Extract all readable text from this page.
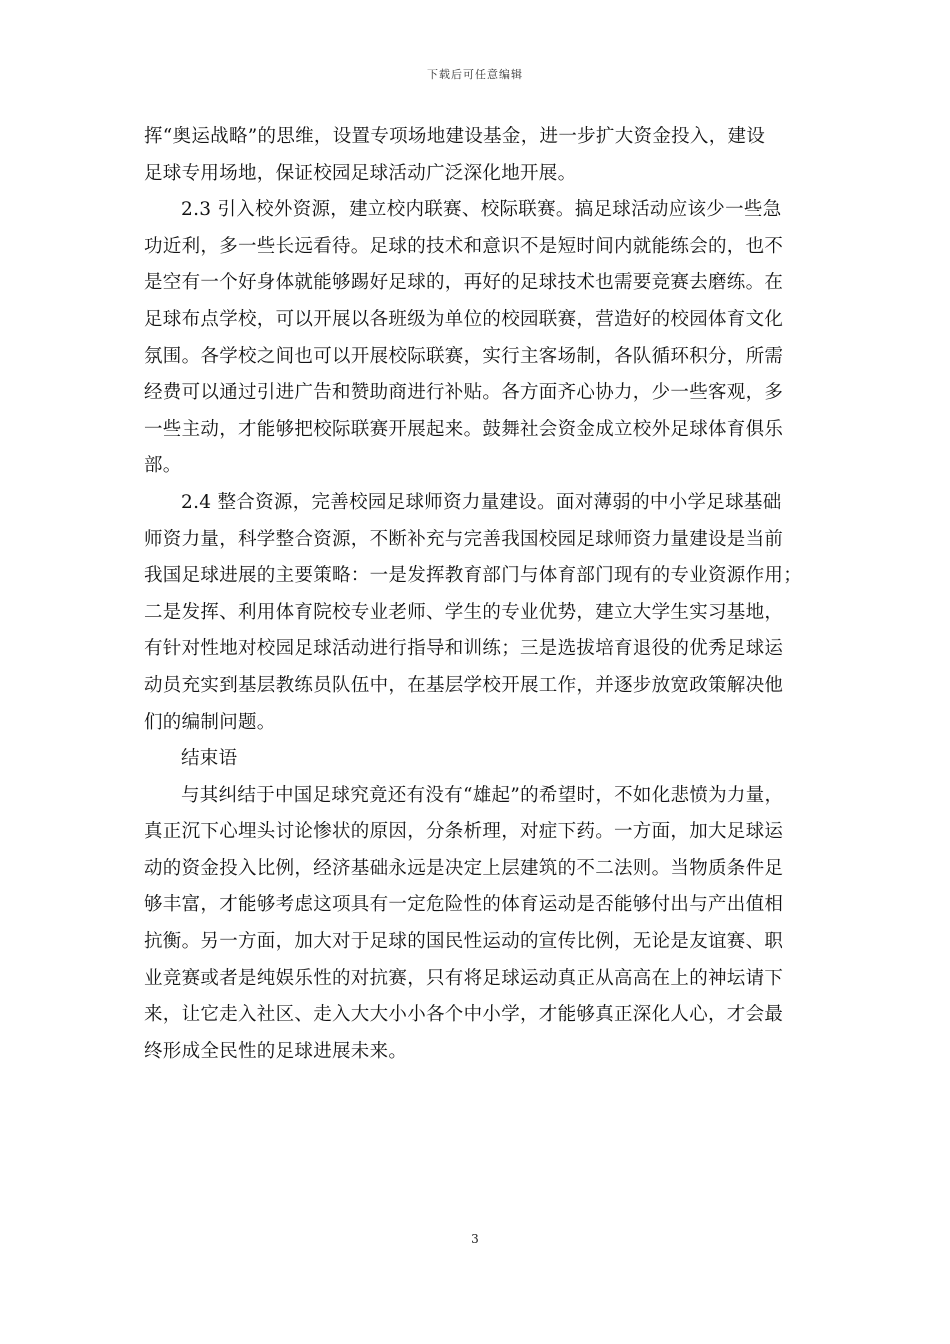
下载后可任意编辑
挥“奥运战略”的思维，设置专项场地建设基金，进一步扩大资金投入，建设
足球专用场地，保证校园足球活动广泛深化地开展。
2.3 引入校外资源，建立校内联赛、校际联赛。搞足球活动应该少一些急
功近利，多一些长远看待。足球的技术和意识不是短时间内就能练会的，也不
是空有一个好身体就能够踢好足球的，再好的足球技术也需要竞赛去磨练。在
足球布点学校，可以开展以各班级为单位的校园联赛，营造好的校园体育文化
氛围。各学校之间也可以开展校际联赛，实行主客场制，各队循环积分，所需
经费可以通过引进广告和赞助商进行补贴。各方面齐心协力，少一些客观，多
一些主动，才能够把校际联赛开展起来。鼓舞社会资金成立校外足球体育俱乐
部。
2.4 整合资源，完善校园足球师资力量建设。面对薄弱的中小学足球基础
师资力量，科学整合资源，不断补充与完善我国校园足球师资力量建设是当前
我国足球进展的主要策略：一是发挥教育部门与体育部门现有的专业资源作用；
二是发挥、利用体育院校专业老师、学生的专业优势，建立大学生实习基地，
有针对性地对校园足球活动进行指导和训练；三是选拔培育退役的优秀足球运
动员充实到基层教练员队伍中，在基层学校开展工作，并逐步放宽政策解决他
们的编制问题。
结束语
与其纠结于中国足球究竟还有没有“雄起”的希望时，不如化悲愤为力量，
真正沉下心埋头讨论惨状的原因，分条析理，对症下药。一方面，加大足球运
动的资金投入比例，经济基础永远是决定上层建筑的不二法则。当物质条件足
够丰富，才能够考虑这项具有一定危险性的体育运动是否能够付出与产出值相
抗衡。另一方面，加大对于足球的国民性运动的宣传比例，无论是友谊赛、职
业竞赛或者是纯娱乐性的对抗赛，只有将足球运动真正从高高在上的神坛请下
来，让它走入社区、走入大大小小各个中小学，才能够真正深化人心，才会最
终形成全民性的足球进展未来。
3
